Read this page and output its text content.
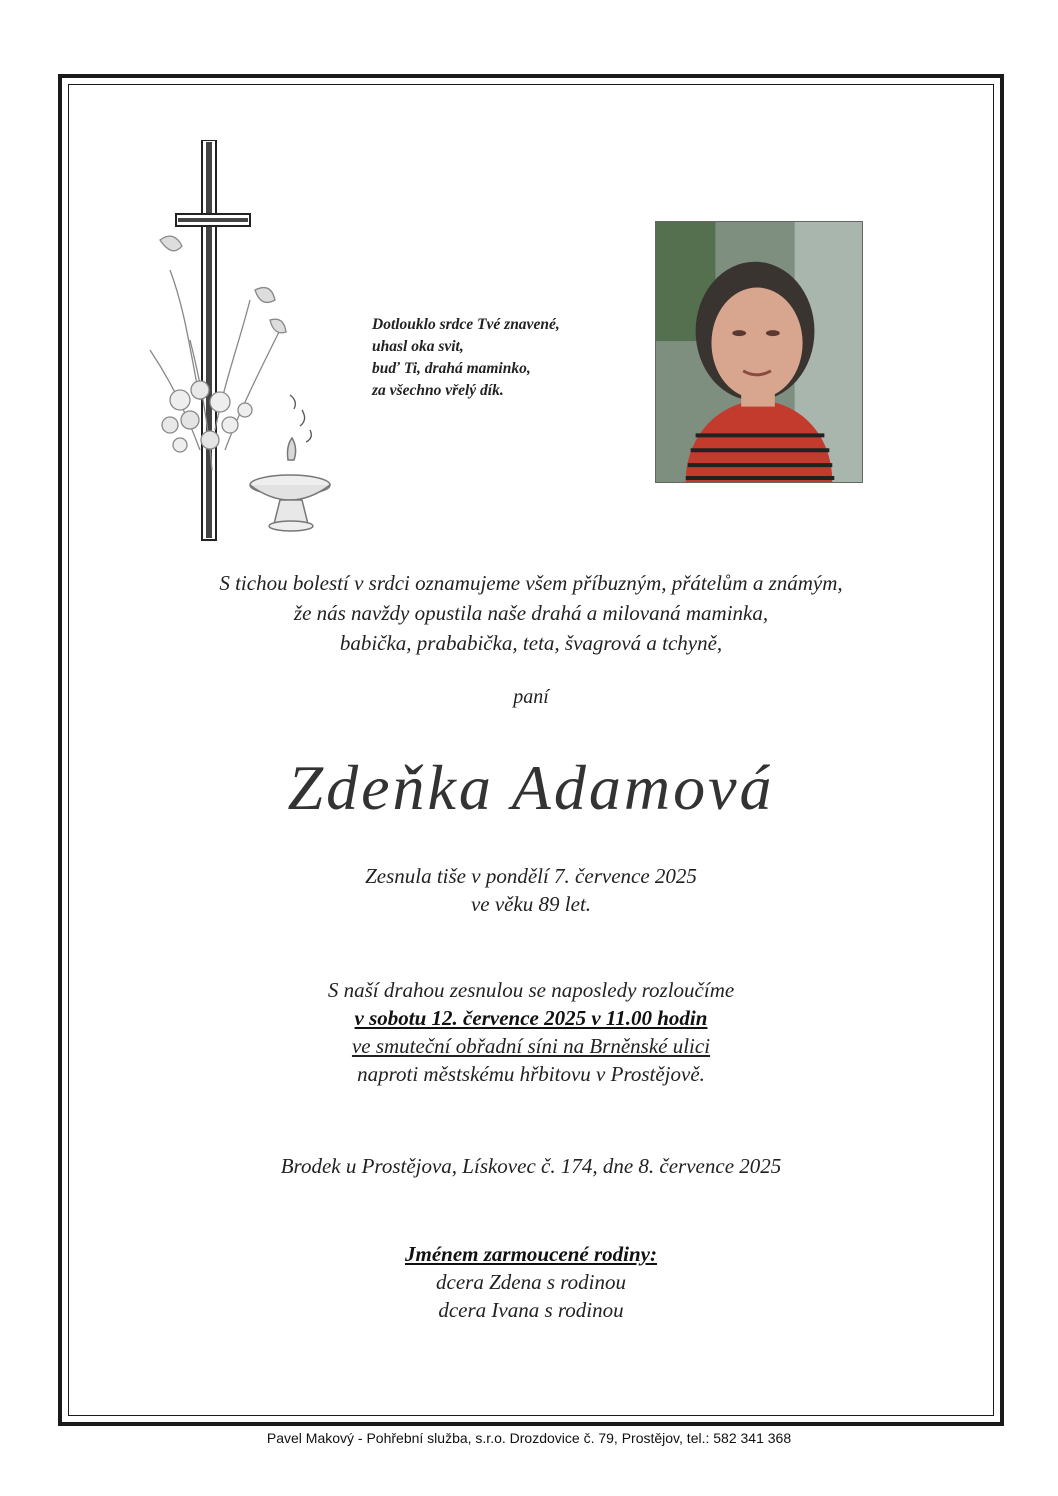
Dotlouklo srdce Tvé znavené,
uhasl oka svit,
buď Ti, drahá maminko,
za všechno vřelý dík.
S tichou bolestí v srdci oznamujeme všem příbuzným, přátelům a známým,
že nás navždy opustila naše drahá a milovaná maminka,
babička, prababička, teta, švagrová a tchyně,
paní
Zdeňka Adamová
Zesnula tiše v pondělí 7. července 2025
ve věku 89 let.
S naší drahou zesnulou se naposledy rozloučíme
v sobotu 12. července 2025 v 11.00 hodin
ve smuteční obřadní síni na Brněnské ulici
naproti městskému hřbitovu v Prostějově.
Brodek u Prostějova, Lískovec č. 174, dne 8. července 2025
Jménem zarmoucené rodiny:
dcera Zdena s rodinou
dcera Ivana s rodinou
Pavel Makový - Pohřební služba, s.r.o. Drozdovice č. 79, Prostějov, tel.: 582 341 368
